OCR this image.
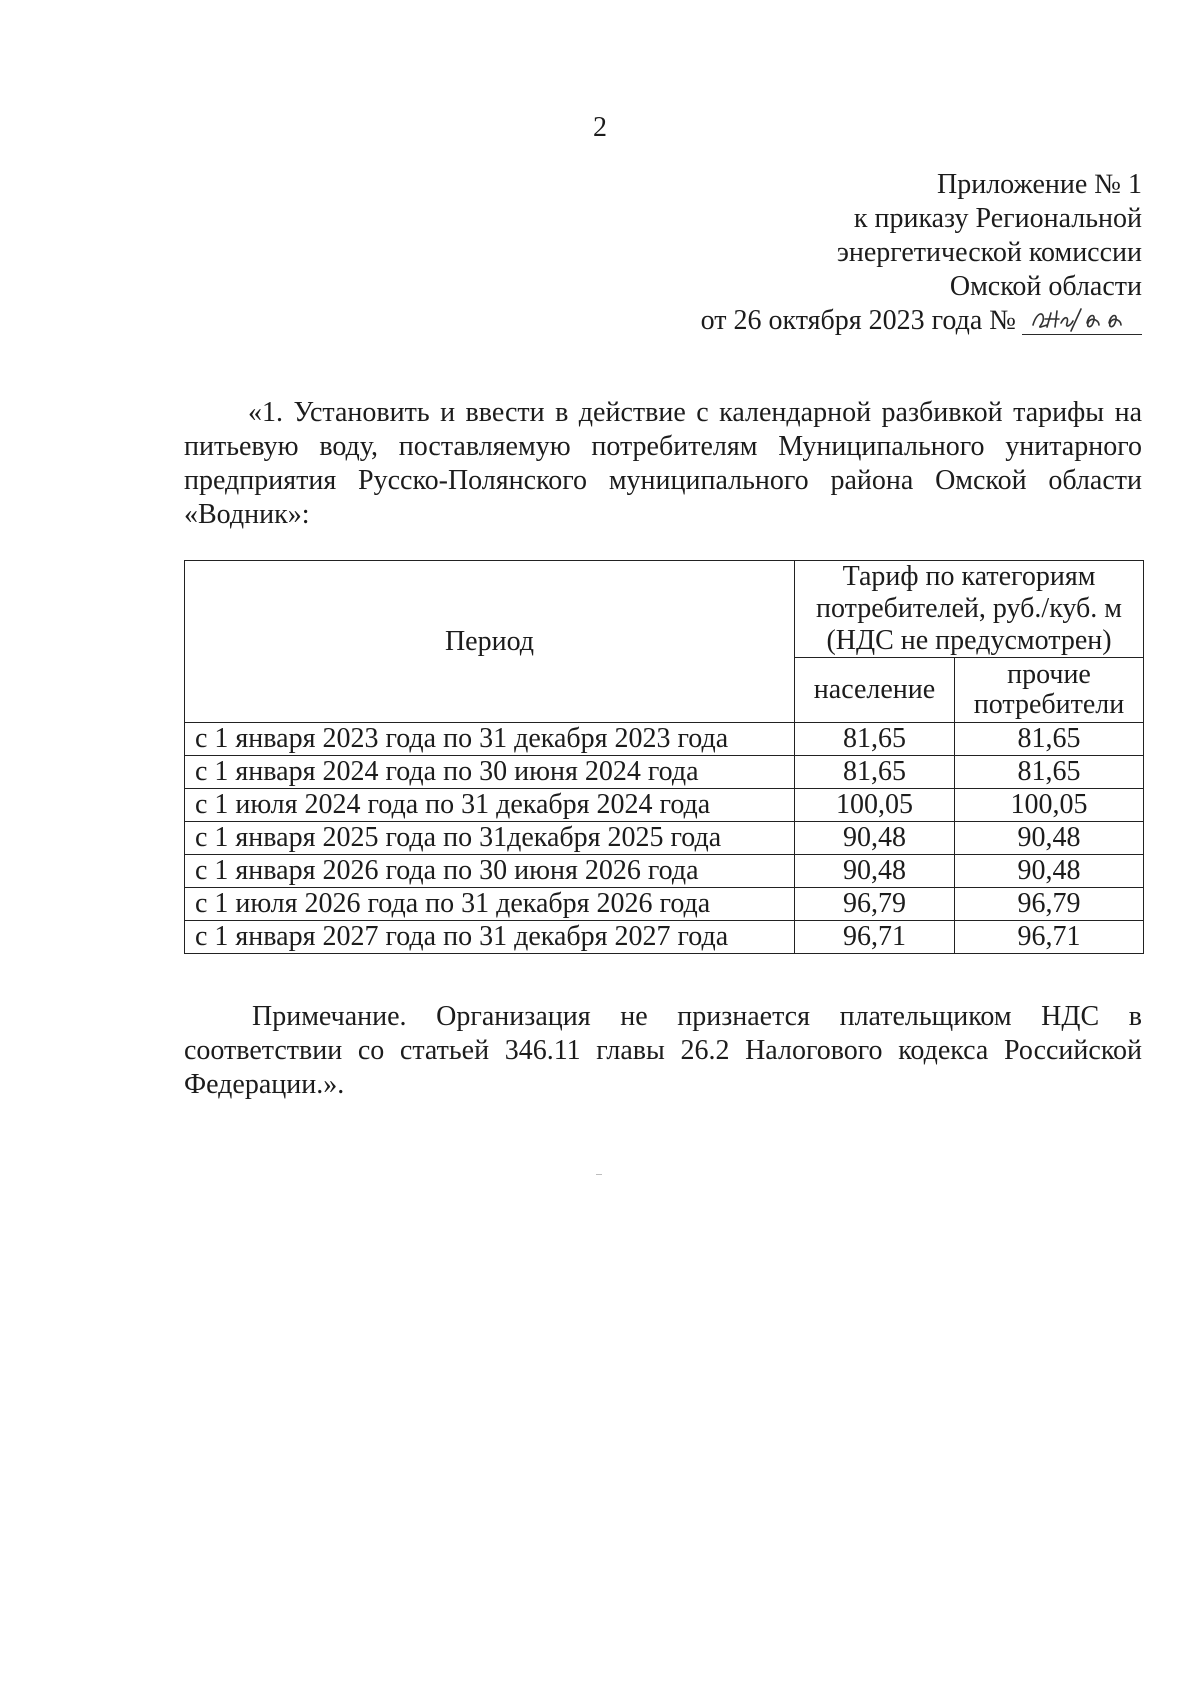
2
Приложение № 1
к приказу Региональной
энергетической комиссии
Омской области
от 26 октября 2023 года №

«1. Установить и ввести в действие с календарной разбивкой тарифы на питьевую воду, поставляемую потребителям Муниципального унитарного предприятия Русско-Полянского муниципального района Омской области «Водник»:

Период	Тариф по категориям потребителей, руб./куб. м (НДС не предусмотрен)	
	население	прочие потребители
с 1 января 2023 года по 31 декабря 2023 года	81,65	81,65
с 1 января 2024 года по 30 июня 2024 года	81,65	81,65
с 1 июля 2024 года по 31 декабря 2024 года	100,05	100,05
с 1 января 2025 года по 31декабря 2025 года	90,48	90,48
с 1 января 2026 года по 30 июня 2026 года	90,48	90,48
с 1 июля 2026 года по 31 декабря 2026 года	96,79	96,79
с 1 января 2027 года по 31 декабря 2027 года	96,71	96,71

Примечание. Организация не признается плательщиком НДС в соответствии со статьей 346.11 главы 26.2 Налогового кодекса Российской Федерации.».
